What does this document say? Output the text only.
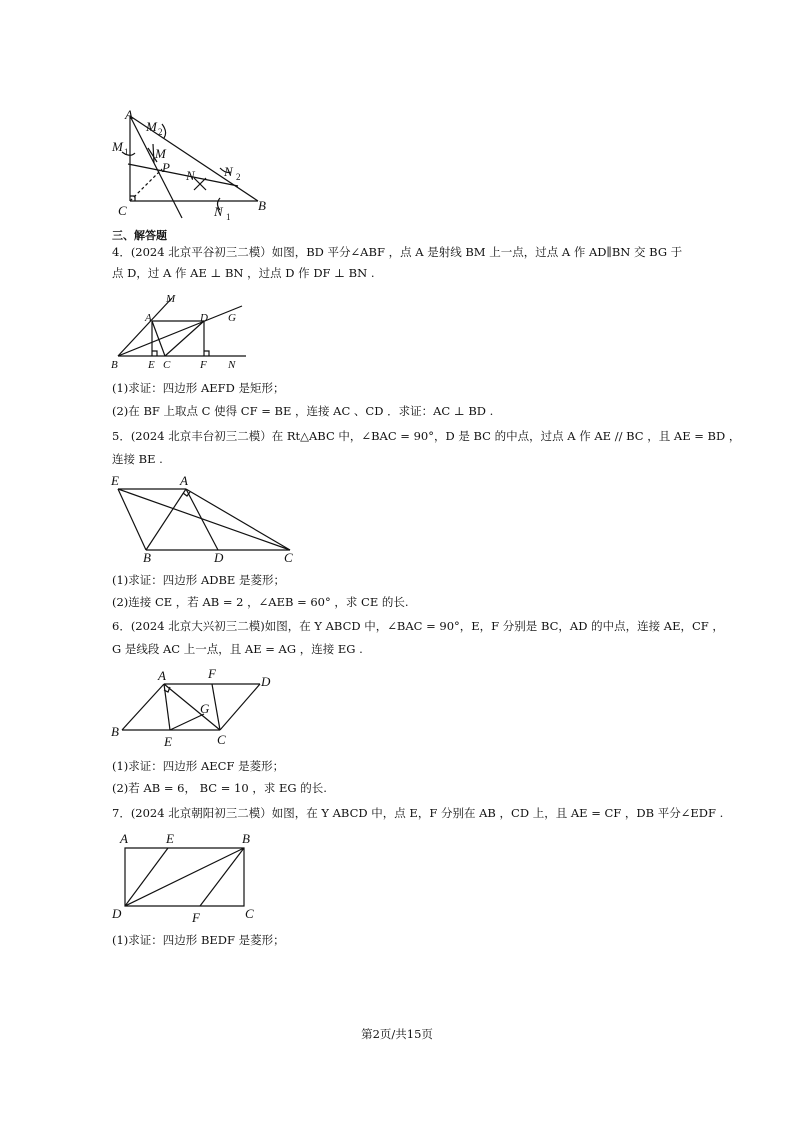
A
M 2
M 1 M
P
N N 2
C	B
N 1
三、解答题
4．(2024 北京平谷初三二模）如图，BD 平分∠ABF ，点 A 是射线 BM 上一点，过点 A 作 AD∥BN 交 BG 于
点 D，过 A 作 AE ⊥ BN ，过点 D 作 DF ⊥ BN .
M
A	D G
B	E C	F N
(1)求证：四边形 AEFD 是矩形；
(2)在 BF 上取点 C 使得 CF = BE ，连接 AC 、CD ．求证：AC ⊥ BD .
5．(2024 北京丰台初三二模）在 Rt△ABC 中，∠BAC = 90°，D 是 BC 的中点，过点 A 作 AE // BC ，且 AE = BD ，
连接 BE .
E	A
B	D	C
(1)求证：四边形 ADBE 是菱形；
(2)连接 CE ，若 AB = 2 ，∠AEB = 60° ，求 CE 的长.
6．(2024 北京大兴初三二模)如图，在 Y ABCD 中，∠BAC = 90°，E，F 分别是 BC，AD 的中点，连接 AE，CF ，
G 是线段 AC 上一点，且 AE = AG ，连接 EG .
A	F
D
G
B
E	C
(1)求证：四边形 AECF 是菱形；
(2)若 AB = 6， BC = 10 ，求 EG 的长.
7．(2024 北京朝阳初三二模）如图，在 Y ABCD 中，点 E，F 分别在 AB ，CD 上，且 AE = CF ，DB 平分∠EDF .
A	E	B
D	F	C
(1)求证：四边形 BEDF 是菱形；
第2页/共15页
